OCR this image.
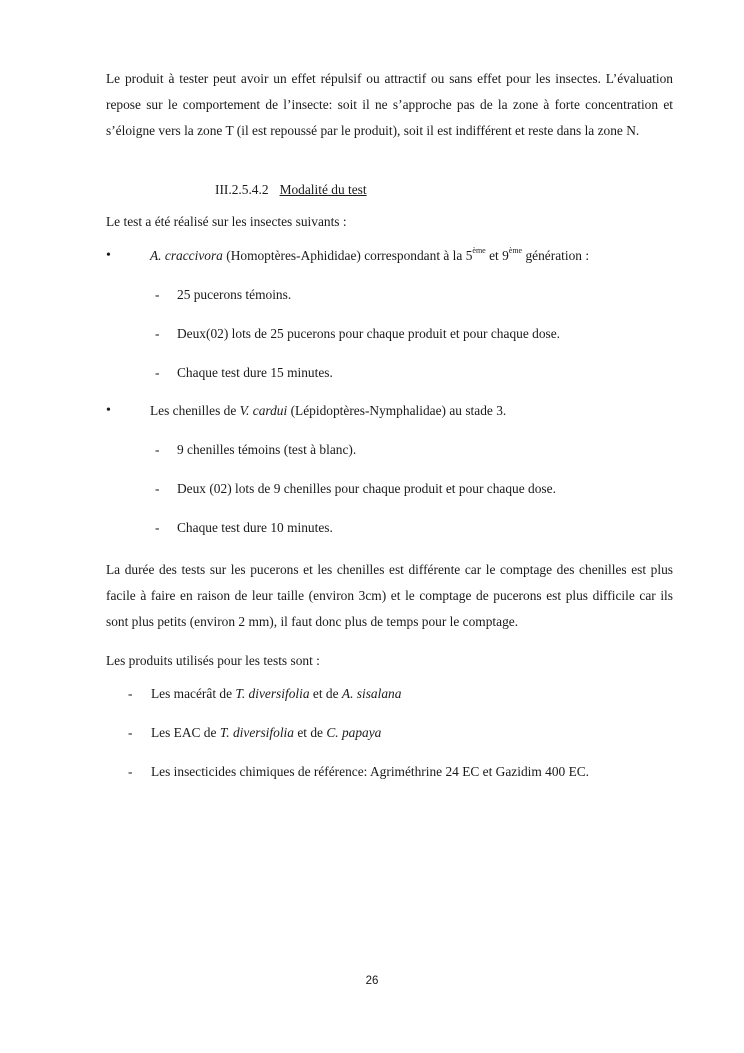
Le produit à tester peut avoir un effet répulsif ou attractif ou sans effet pour les insectes. L’évaluation repose sur le comportement de l’insecte: soit il ne s’approche pas de la zone à forte concentration et s’éloigne vers la zone T (il est repoussé par le produit), soit il est indifférent et reste dans la zone N.

III.2.5.4.2 Modalité du test

Le test a été réalisé sur les insectes suivants :

•	A. craccivora (Homoptères-Aphididae) correspondant à la 5ème et 9ème génération :
- 25 pucerons témoins.
- Deux(02) lots de 25 pucerons pour chaque produit et pour chaque dose.
- Chaque test dure 15 minutes.
•	Les chenilles de V. cardui (Lépidoptères-Nymphalidae) au stade 3.
- 9 chenilles témoins (test à blanc).
- Deux (02) lots de 9 chenilles pour chaque produit et pour chaque dose.
- Chaque test dure 10 minutes.

La durée des tests sur les pucerons et les chenilles est différente car le comptage des chenilles est plus facile à faire en raison de leur taille (environ 3cm) et le comptage de pucerons est plus difficile car ils sont plus petits (environ 2 mm), il faut donc plus de temps pour le comptage.

Les produits utilisés pour les tests sont :

- Les macérât de T. diversifolia et de A. sisalana
- Les EAC de T. diversifolia et de C. papaya
- Les insecticides chimiques de référence: Agriméthrine 24 EC et Gazidim 400 EC.
26
